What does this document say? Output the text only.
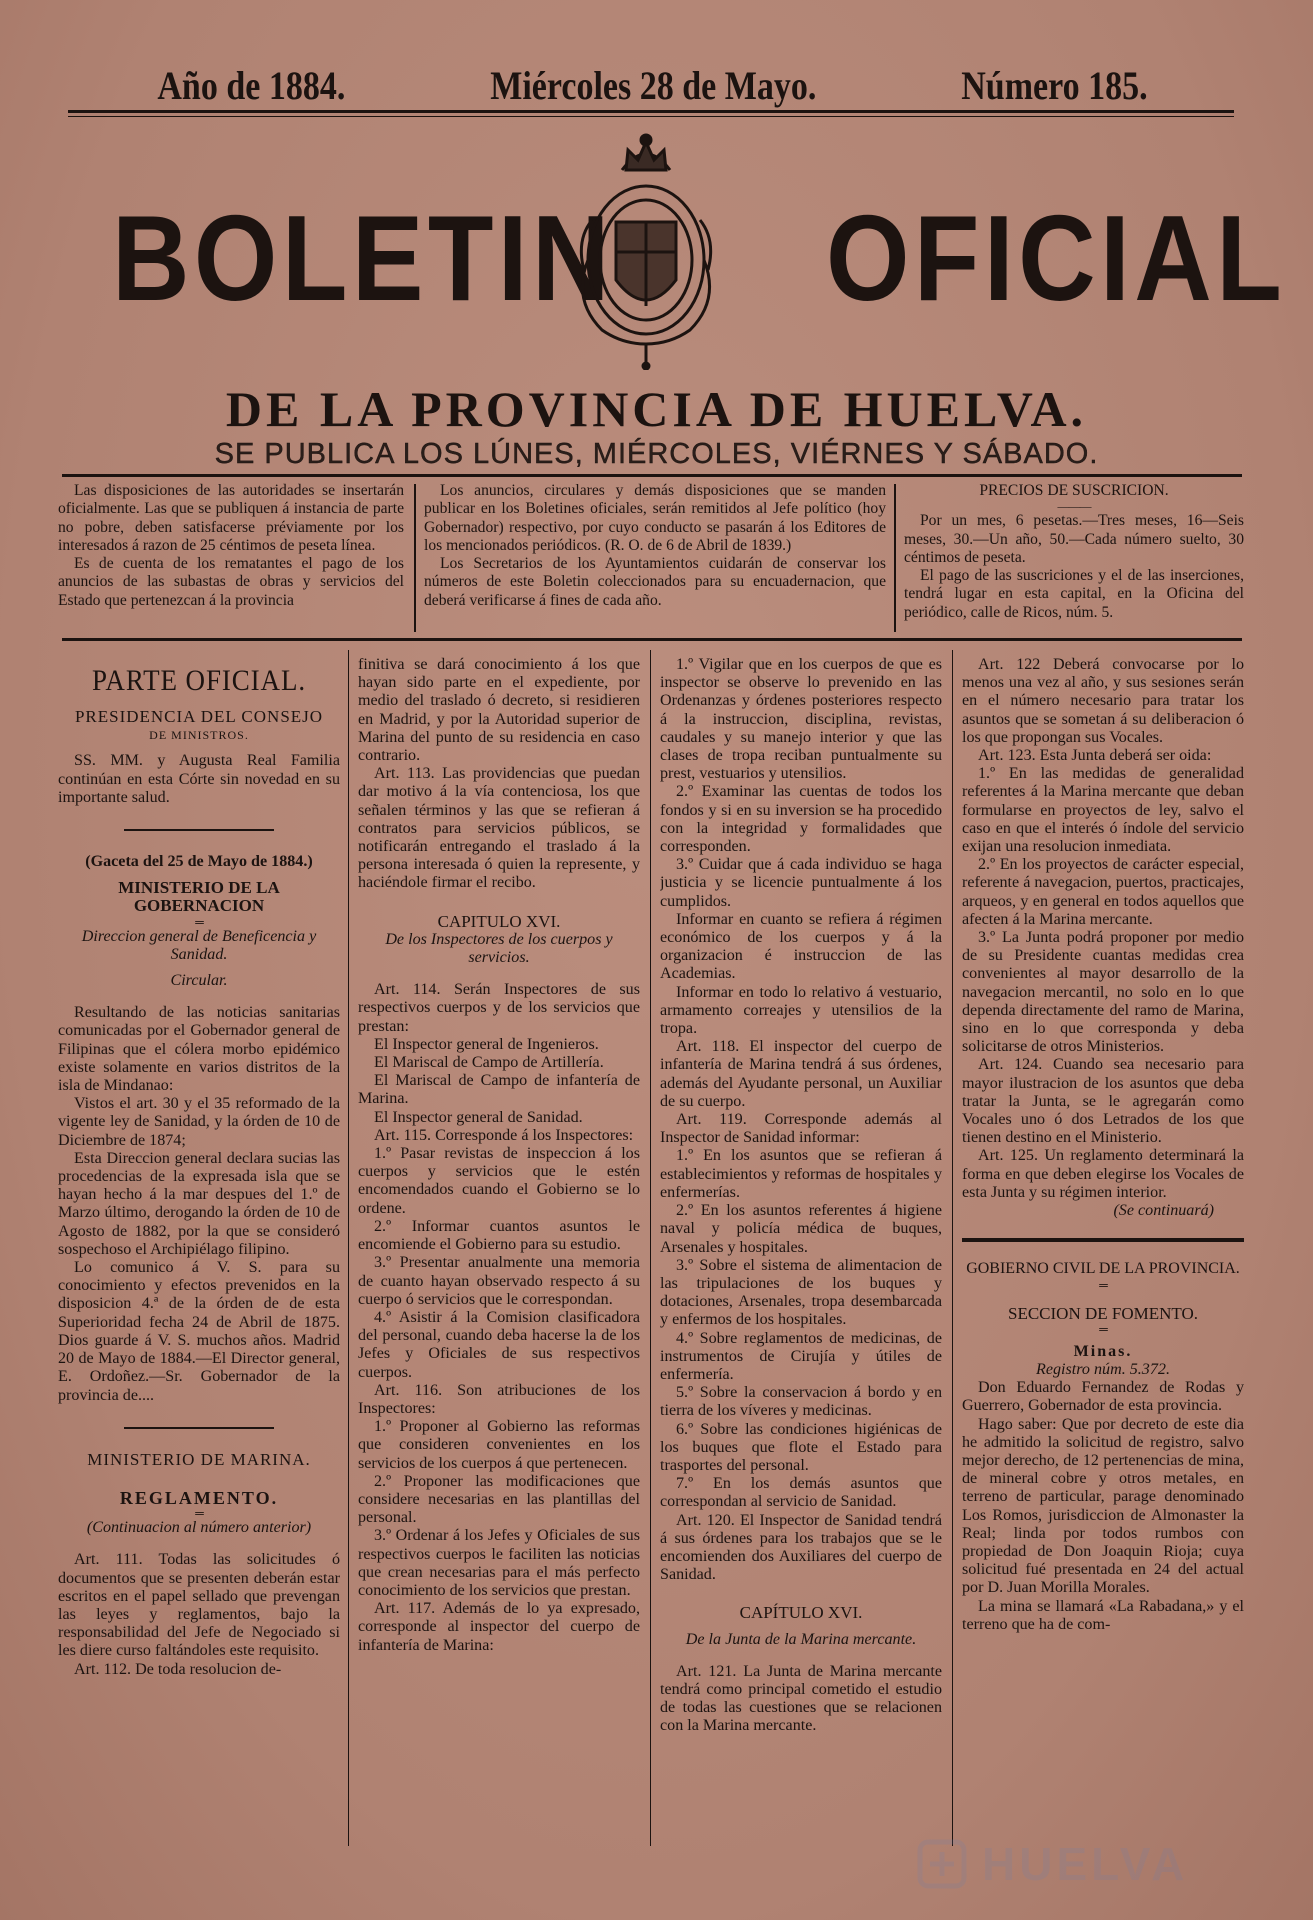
Año de 1884.	Miércoles 28 de Mayo.	Número 185.
BOLETIN OFICIAL
DE LA PROVINCIA DE HUELVA.
SE PUBLICA LOS LÚNES, MIÉRCOLES, VIÉRNES Y SÁBADO.

Las disposiciones de las autoridades se insertarán oficialmente. Las que se publiquen á instancia de parte no pobre, deben satisfacerse préviamente por los interesados á razon de 25 céntimos de peseta línea.

Es de cuenta de los rematantes el pago de los anuncios de las subastas de obras y servicios del Estado que pertenezcan á la provincia

Los anuncios, circulares y demás disposiciones que se manden publicar en los Boletines oficiales, serán remitidos al Jefe político (hoy Gobernador) respectivo, por cuyo conducto se pasarán á los Editores de los mencionados periódicos. (R. O. de 6 de Abril de 1839.)

Los Secretarios de los Ayuntamientos cuidarán de conservar los números de este Boletin coleccionados para su encuadernacion, que deberá verificarse á fines de cada año.

PRECIOS DE SUSCRICION.
———

Por un mes, 6 pesetas.—Tres meses, 16—Seis meses, 30.—Un año, 50.—Cada número suelto, 30 céntimos de peseta.

El pago de las suscriciones y el de las inserciones, tendrá lugar en esta capital, en la Oficina del periódico, calle de Ricos, núm. 5.

PARTE OFICIAL.

PRESIDENCIA DEL CONSEJO

DE MINISTROS.

SS. MM. y Augusta Real Familia continúan en esta Córte sin novedad en su importante salud.

(Gaceta del 25 de Mayo de 1884.)

MINISTERIO DE LA GOBERNACION

═

Direccion general de Beneficencia y Sanidad.

Circular.

Resultando de las noticias sanitarias comunicadas por el Gobernador general de Filipinas que el cólera morbo epidémico existe solamente en varios distritos de la isla de Mindanao:

Vistos el art. 30 y el 35 reformado de la vigente ley de Sanidad, y la órden de 10 de Diciembre de 1874;

Esta Direccion general declara sucias las procedencias de la expresada isla que se hayan hecho á la mar despues del 1.º de Marzo último, derogando la órden de 10 de Agosto de 1882, por la que se consideró sospechoso el Archipiélago filipino.

Lo comunico á V. S. para su conocimiento y efectos prevenidos en la disposicion 4.ª de la órden de de esta Superioridad fecha 24 de Abril de 1875. Dios guarde á V. S. muchos años. Madrid 20 de Mayo de 1884.—El Director general, E. Ordoñez.—Sr. Gobernador de la provincia de....

MINISTERIO DE MARINA.

REGLAMENTO.

═

(Continuacion al número anterior)

Art. 111. Todas las solicitudes ó documentos que se presenten deberán estar escritos en el papel sellado que prevengan las leyes y reglamentos, bajo la responsabilidad del Jefe de Negociado si les diere curso faltándoles este requisito.

Art. 112. De toda resolucion de-

finitiva se dará conocimiento á los que hayan sido parte en el expediente, por medio del traslado ó decreto, si residieren en Madrid, y por la Autoridad superior de Marina del punto de su residencia en caso contrario.

Art. 113. Las providencias que puedan dar motivo á la vía contenciosa, los que señalen términos y las que se refieran á contratos para servicios públicos, se notificarán entregando el traslado á la persona interesada ó quien la represente, y haciéndole firmar el recibo.

CAPITULO XVI.

De los Inspectores de los cuerpos y servicios.

Art. 114. Serán Inspectores de sus respectivos cuerpos y de los servicios que prestan:

El Inspector general de Ingenieros.

El Mariscal de Campo de Artillería.

El Mariscal de Campo de infantería de Marina.

El Inspector general de Sanidad.

Art. 115. Corresponde á los Inspectores:

1.º Pasar revistas de inspeccion á los cuerpos y servicios que le estén encomendados cuando el Gobierno se lo ordene.

2.º Informar cuantos asuntos le encomiende el Gobierno para su estudio.

3.º Presentar anualmente una memoria de cuanto hayan observado respecto á su cuerpo ó servicios que le correspondan.

4.º Asistir á la Comision clasificadora del personal, cuando deba hacerse la de los Jefes y Oficiales de sus respectivos cuerpos.

Art. 116. Son atribuciones de los Inspectores:

1.º Proponer al Gobierno las reformas que consideren convenientes en los servicios de los cuerpos á que pertenecen.

2.º Proponer las modificaciones que considere necesarias en las plantillas del personal.

3.º Ordenar á los Jefes y Oficiales de sus respectivos cuerpos le faciliten las noticias que crean necesarias para el más perfecto conocimiento de los servicios que prestan.

Art. 117. Además de lo ya expresado, corresponde al inspector del cuerpo de infantería de Marina:

1.º Vigilar que en los cuerpos de que es inspector se observe lo prevenido en las Ordenanzas y órdenes posteriores respecto á la instruccion, disciplina, revistas, caudales y su manejo interior y que las clases de tropa reciban puntualmente su prest, vestuarios y utensilios.

2.º Examinar las cuentas de todos los fondos y si en su inversion se ha procedido con la integridad y formalidades que corresponden.

3.º Cuidar que á cada individuo se haga justicia y se licencie puntualmente á los cumplidos.

Informar en cuanto se refiera á régimen económico de los cuerpos y á la organizacion é instruccion de las Academias.

Informar en todo lo relativo á vestuario, armamento correajes y utensilios de la tropa.

Art. 118. El inspector del cuerpo de infantería de Marina tendrá á sus órdenes, además del Ayudante personal, un Auxiliar de su cuerpo.

Art. 119. Corresponde además al Inspector de Sanidad informar:

1.º En los asuntos que se refieran á establecimientos y reformas de hospitales y enfermerías.

2.º En los asuntos referentes á higiene naval y policía médica de buques, Arsenales y hospitales.

3.º Sobre el sistema de alimentacion de las tripulaciones de los buques y dotaciones, Arsenales, tropa desembarcada y enfermos de los hospitales.

4.º Sobre reglamentos de medicinas, de instrumentos de Cirujía y útiles de enfermería.

5.º Sobre la conservacion á bordo y en tierra de los víveres y medicinas.

6.º Sobre las condiciones higiénicas de los buques que flote el Estado para trasportes del personal.

7.º En los demás asuntos que correspondan al servicio de Sanidad.

Art. 120. El Inspector de Sanidad tendrá á sus órdenes para los trabajos que se le encomienden dos Auxiliares del cuerpo de Sanidad.

CAPÍTULO XVI.

De la Junta de la Marina mercante.

Art. 121. La Junta de Marina mercante tendrá como principal cometido el estudio de todas las cuestiones que se relacionen con la Marina mercante.

Art. 122 Deberá convocarse por lo menos una vez al año, y sus sesiones serán en el número necesario para tratar los asuntos que se sometan á su deliberacion ó los que propongan sus Vocales.

Art. 123. Esta Junta deberá ser oida:

1.º En las medidas de generalidad referentes á la Marina mercante que deban formularse en proyectos de ley, salvo el caso en que el interés ó índole del servicio exijan una resolucion inmediata.

2.º En los proyectos de carácter especial, referente á navegacion, puertos, practicajes, arqueos, y en general en todos aquellos que afecten á la Marina mercante.

3.º La Junta podrá proponer por medio de su Presidente cuantas medidas crea convenientes al mayor desarrollo de la navegacion mercantil, no solo en lo que dependa directamente del ramo de Marina, sino en lo que corresponda y deba solicitarse de otros Ministerios.

Art. 124. Cuando sea necesario para mayor ilustracion de los asuntos que deba tratar la Junta, se le agregarán como Vocales uno ó dos Letrados de los que tienen destino en el Ministerio.

Art. 125. Un reglamento determinará la forma en que deben elegirse los Vocales de esta Junta y su régimen interior.

(Se continuará)

GOBIERNO CIVIL DE LA PROVINCIA.

═

SECCION DE FOMENTO.

═

Minas.

Registro núm. 5.372.

Don Eduardo Fernandez de Rodas y Guerrero, Gobernador de esta provincia.

Hago saber: Que por decreto de este dia he admitido la solicitud de registro, salvo mejor derecho, de 12 pertenencias de mina, de mineral cobre y otros metales, en terreno de particular, parage denominado Los Romos, jurisdiccion de Almonaster la Real; linda por todos rumbos con propiedad de Don Joaquin Rioja; cuya solicitud fué presentada en 24 del actual por D. Juan Morilla Morales.

La mina se llamará «La Rabadana,» y el terreno que ha de com-

HUELVA
